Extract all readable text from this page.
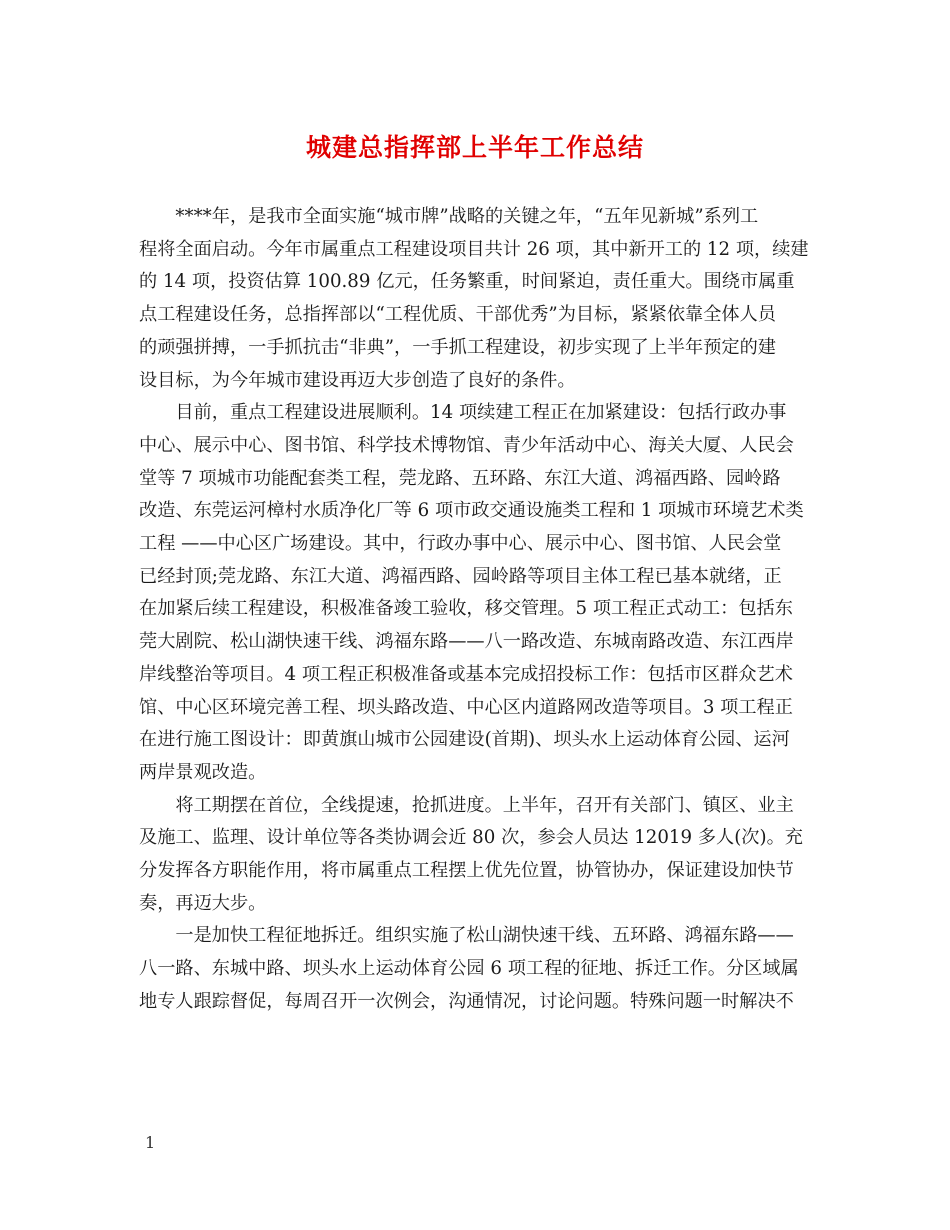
城建总指挥部上半年工作总结

****年，是我市全面实施“城市牌”战略的关键之年，“五年见新城”系列工
程将全面启动。今年市属重点工程建设项目共计 26 项，其中新开工的 12 项，续建
的 14 项，投资估算 100.89 亿元，任务繁重，时间紧迫，责任重大。围绕市属重
点工程建设任务，总指挥部以“工程优质、干部优秀”为目标，紧紧依靠全体人员
的顽强拼搏，一手抓抗击“非典”，一手抓工程建设，初步实现了上半年预定的建
设目标，为今年城市建设再迈大步创造了良好的条件。

目前，重点工程建设进展顺利。14 项续建工程正在加紧建设：包括行政办事
中心、展示中心、图书馆、科学技术博物馆、青少年活动中心、海关大厦、人民会
堂等 7 项城市功能配套类工程，莞龙路、五环路、东江大道、鸿福西路、园岭路
改造、东莞运河樟村水质净化厂等 6 项市政交通设施类工程和 1 项城市环境艺术类
工程 ——中心区广场建设。其中，行政办事中心、展示中心、图书馆、人民会堂
已经封顶;莞龙路、东江大道、鸿福西路、园岭路等项目主体工程已基本就绪，正
在加紧后续工程建设，积极准备竣工验收，移交管理。5 项工程正式动工：包括东
莞大剧院、松山湖快速干线、鸿福东路——八一路改造、东城南路改造、东江西岸
岸线整治等项目。4 项工程正积极准备或基本完成招投标工作：包括市区群众艺术
馆、中心区环境完善工程、坝头路改造、中心区内道路网改造等项目。3 项工程正
在进行施工图设计：即黄旗山城市公园建设(首期)、坝头水上运动体育公园、运河
两岸景观改造。

将工期摆在首位，全线提速，抢抓进度。上半年，召开有关部门、镇区、业主
及施工、监理、设计单位等各类协调会近 80 次，参会人员达 12019 多人(次)。充
分发挥各方职能作用，将市属重点工程摆上优先位置，协管协办，保证建设加快节
奏，再迈大步。

一是加快工程征地拆迁。组织实施了松山湖快速干线、五环路、鸿福东路——
八一路、东城中路、坝头水上运动体育公园 6 项工程的征地、拆迁工作。分区域属
地专人跟踪督促，每周召开一次例会，沟通情况，讨论问题。特殊问题一时解决不

1
